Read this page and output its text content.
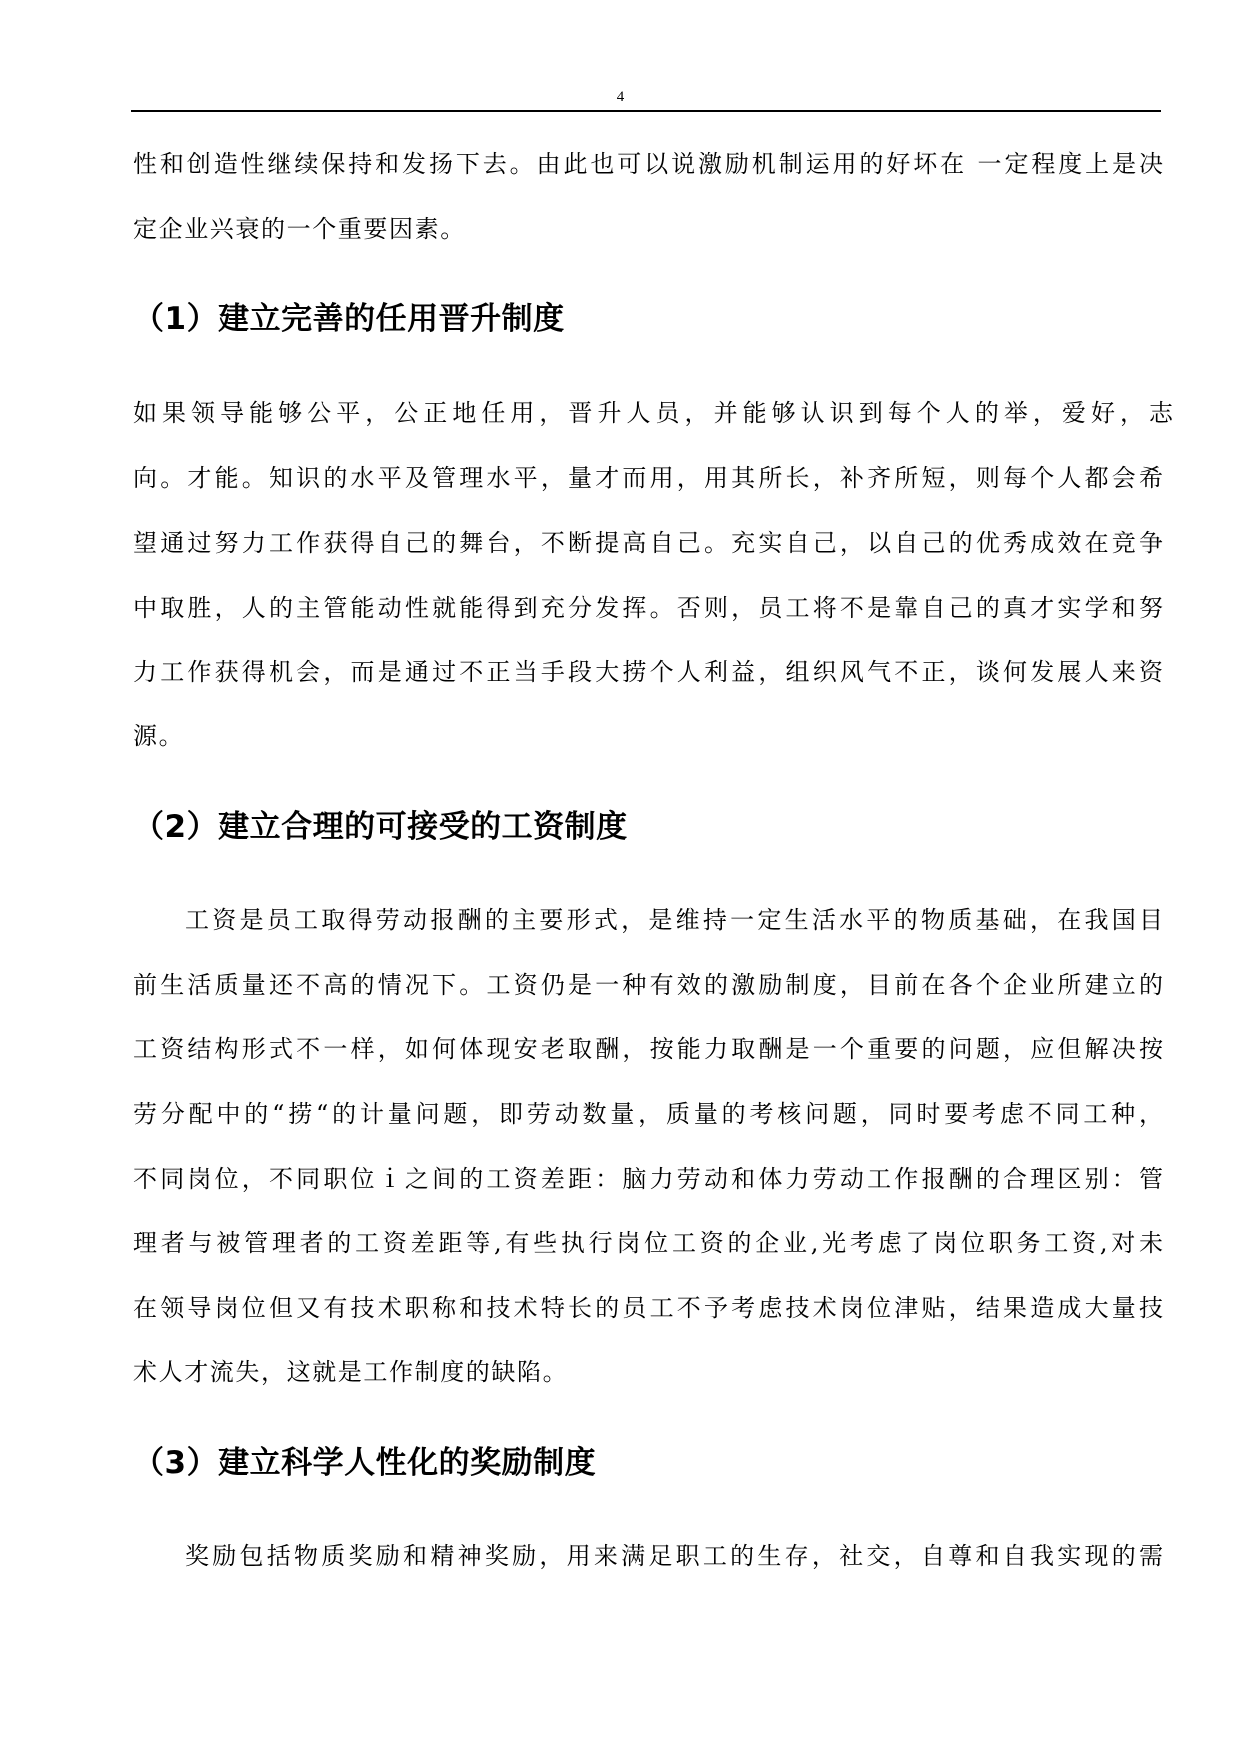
4
性和创造性继续保持和发扬下去。由此也可以说激励机制运用的好坏在 一定程度上是决
定企业兴衰的一个重要因素。
（1）建立完善的任用晋升制度
如果领导能够公平，公正地任用，晋升人员，并能够认识到每个人的举，爱好，志
向。才能。知识的水平及管理水平，量才而用，用其所长，补齐所短，则每个人都会希
望通过努力工作获得自己的舞台，不断提高自己。充实自己，以自己的优秀成效在竞争
中取胜，人的主管能动性就能得到充分发挥。否则，员工将不是靠自己的真才实学和努
力工作获得机会，而是通过不正当手段大捞个人利益，组织风气不正，谈何发展人来资
源。
（2）建立合理的可接受的工资制度
工资是员工取得劳动报酬的主要形式，是维持一定生活水平的物质基础，在我国目
前生活质量还不高的情况下。工资仍是一种有效的激励制度，目前在各个企业所建立的
工资结构形式不一样，如何体现安老取酬，按能力取酬是一个重要的问题，应但解决按
劳分配中的“捞“的计量问题，即劳动数量，质量的考核问题，同时要考虑不同工种，
不同岗位，不同职位ｉ之间的工资差距：脑力劳动和体力劳动工作报酬的合理区别：管
理者与被管理者的工资差距等,有些执行岗位工资的企业,光考虑了岗位职务工资,对未
在领导岗位但又有技术职称和技术特长的员工不予考虑技术岗位津贴，结果造成大量技
术人才流失，这就是工作制度的缺陷。
（3）建立科学人性化的奖励制度
奖励包括物质奖励和精神奖励，用来满足职工的生存，社交，自尊和自我实现的需
